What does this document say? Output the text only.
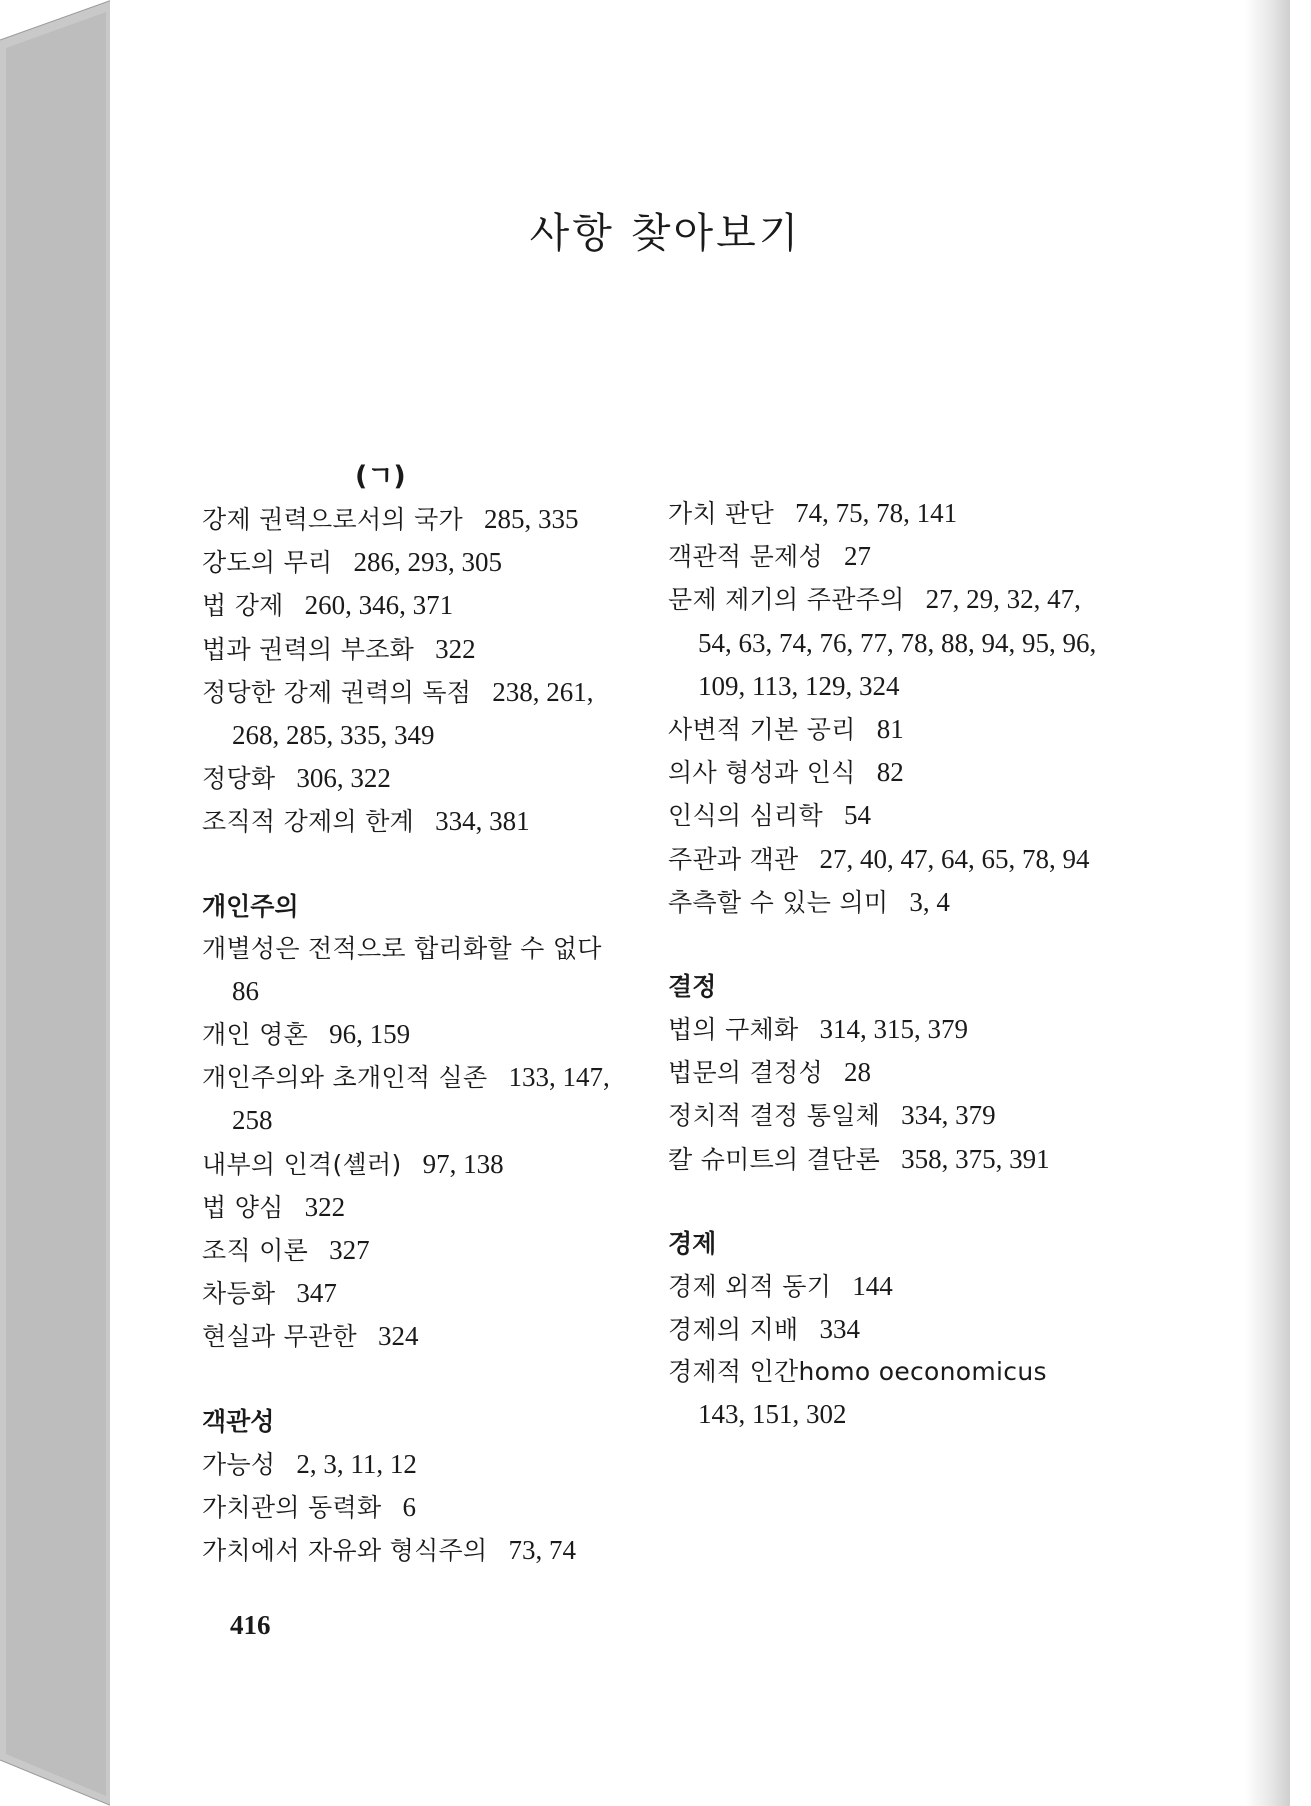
사항 찾아보기
(ㄱ)

강제 권력으로서의 국가  285, 335

강도의 무리  286, 293, 305

법 강제  260, 346, 371

법과 권력의 부조화  322

정당한 강제 권력의 독점  238, 261, 268, 285, 335, 349

정당화  306, 322

조직적 강제의 한계  334, 381

개인주의

개별성은 전적으로 합리화할 수 없다  86

개인 영혼  96, 159

개인주의와 초개인적 실존  133, 147, 258

내부의 인격(셸러)  97, 138

법 양심  322

조직 이론  327

차등화  347

현실과 무관한  324

객관성

가능성  2, 3, 11, 12

가치관의 동력화  6

가치에서 자유와 형식주의  73, 74

가치 판단  74, 75, 78, 141

객관적 문제성  27

문제 제기의 주관주의  27, 29, 32, 47, 54, 63, 74, 76, 77, 78, 88, 94, 95, 96, 109, 113, 129, 324

사변적 기본 공리  81

의사 형성과 인식  82

인식의 심리학  54

주관과 객관  27, 40, 47, 64, 65, 78, 94

추측할 수 있는 의미  3, 4

결정

법의 구체화  314, 315, 379

법문의 결정성  28

정치적 결정 통일체  334, 379

칼 슈미트의 결단론  358, 375, 391

경제

경제 외적 동기  144

경제의 지배  334

경제적 인간homo oeconomicus  143, 151, 302

416
